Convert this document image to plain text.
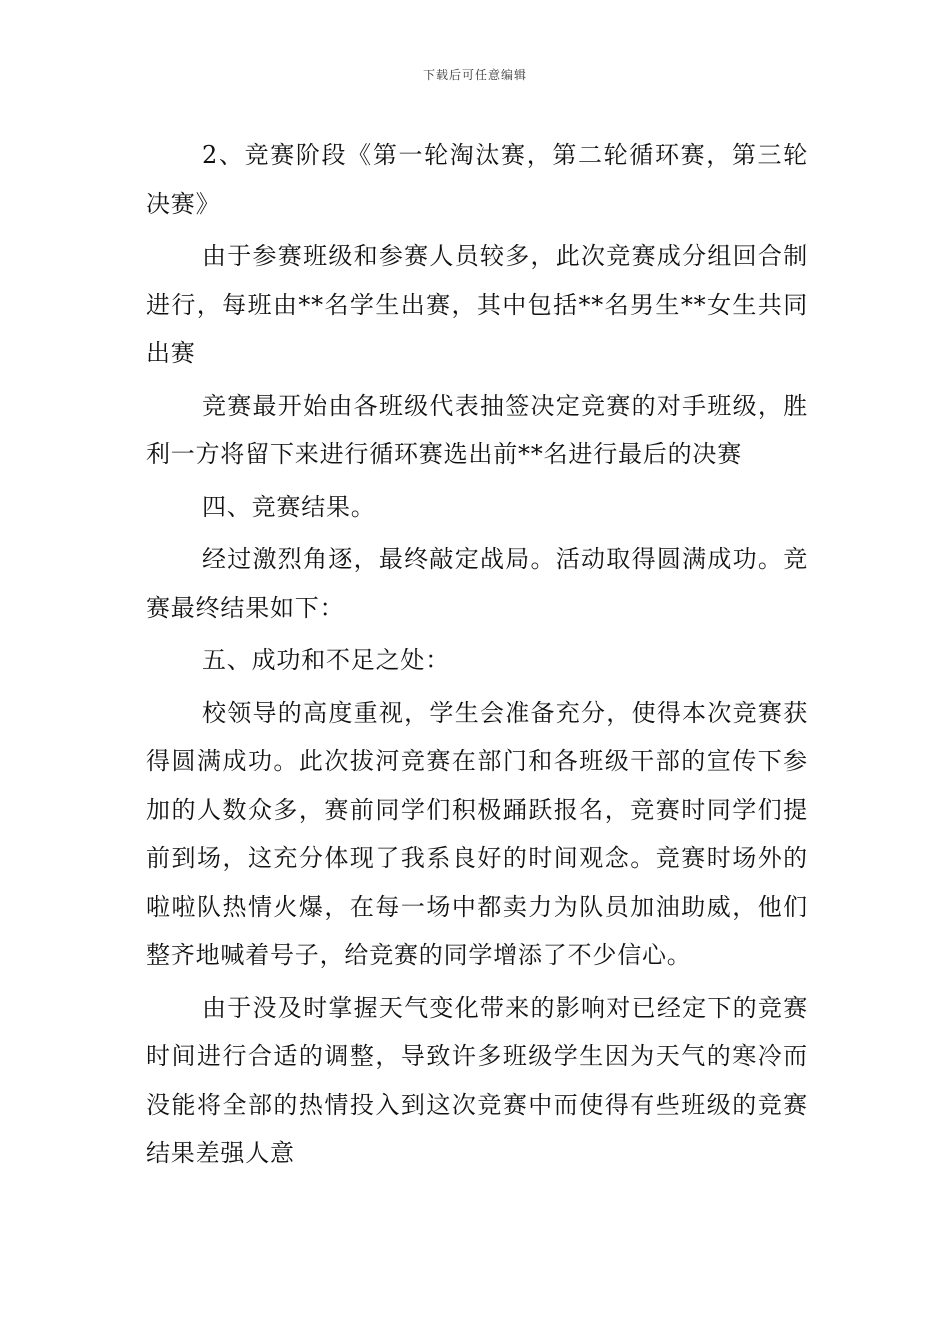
下载后可任意编辑

2、竞赛阶段《第一轮淘汰赛，第二轮循环赛，第三轮决赛》

由于参赛班级和参赛人员较多，此次竞赛成分组回合制进行，每班由**名学生出赛，其中包括**名男生**女生共同出赛

竞赛最开始由各班级代表抽签决定竞赛的对手班级，胜利一方将留下来进行循环赛选出前**名进行最后的决赛

四、竞赛结果。

经过激烈角逐，最终敲定战局。活动取得圆满成功。竞赛最终结果如下：

五、成功和不足之处：

校领导的高度重视，学生会准备充分，使得本次竞赛获得圆满成功。此次拔河竞赛在部门和各班级干部的宣传下参加的人数众多，赛前同学们积极踊跃报名，竞赛时同学们提前到场，这充分体现了我系良好的时间观念。竞赛时场外的啦啦队热情火爆，在每一场中都卖力为队员加油助威，他们整齐地喊着号子，给竞赛的同学增添了不少信心。

由于没及时掌握天气变化带来的影响对已经定下的竞赛时间进行合适的调整，导致许多班级学生因为天气的寒冷而没能将全部的热情投入到这次竞赛中而使得有些班级的竞赛结果差强人意
